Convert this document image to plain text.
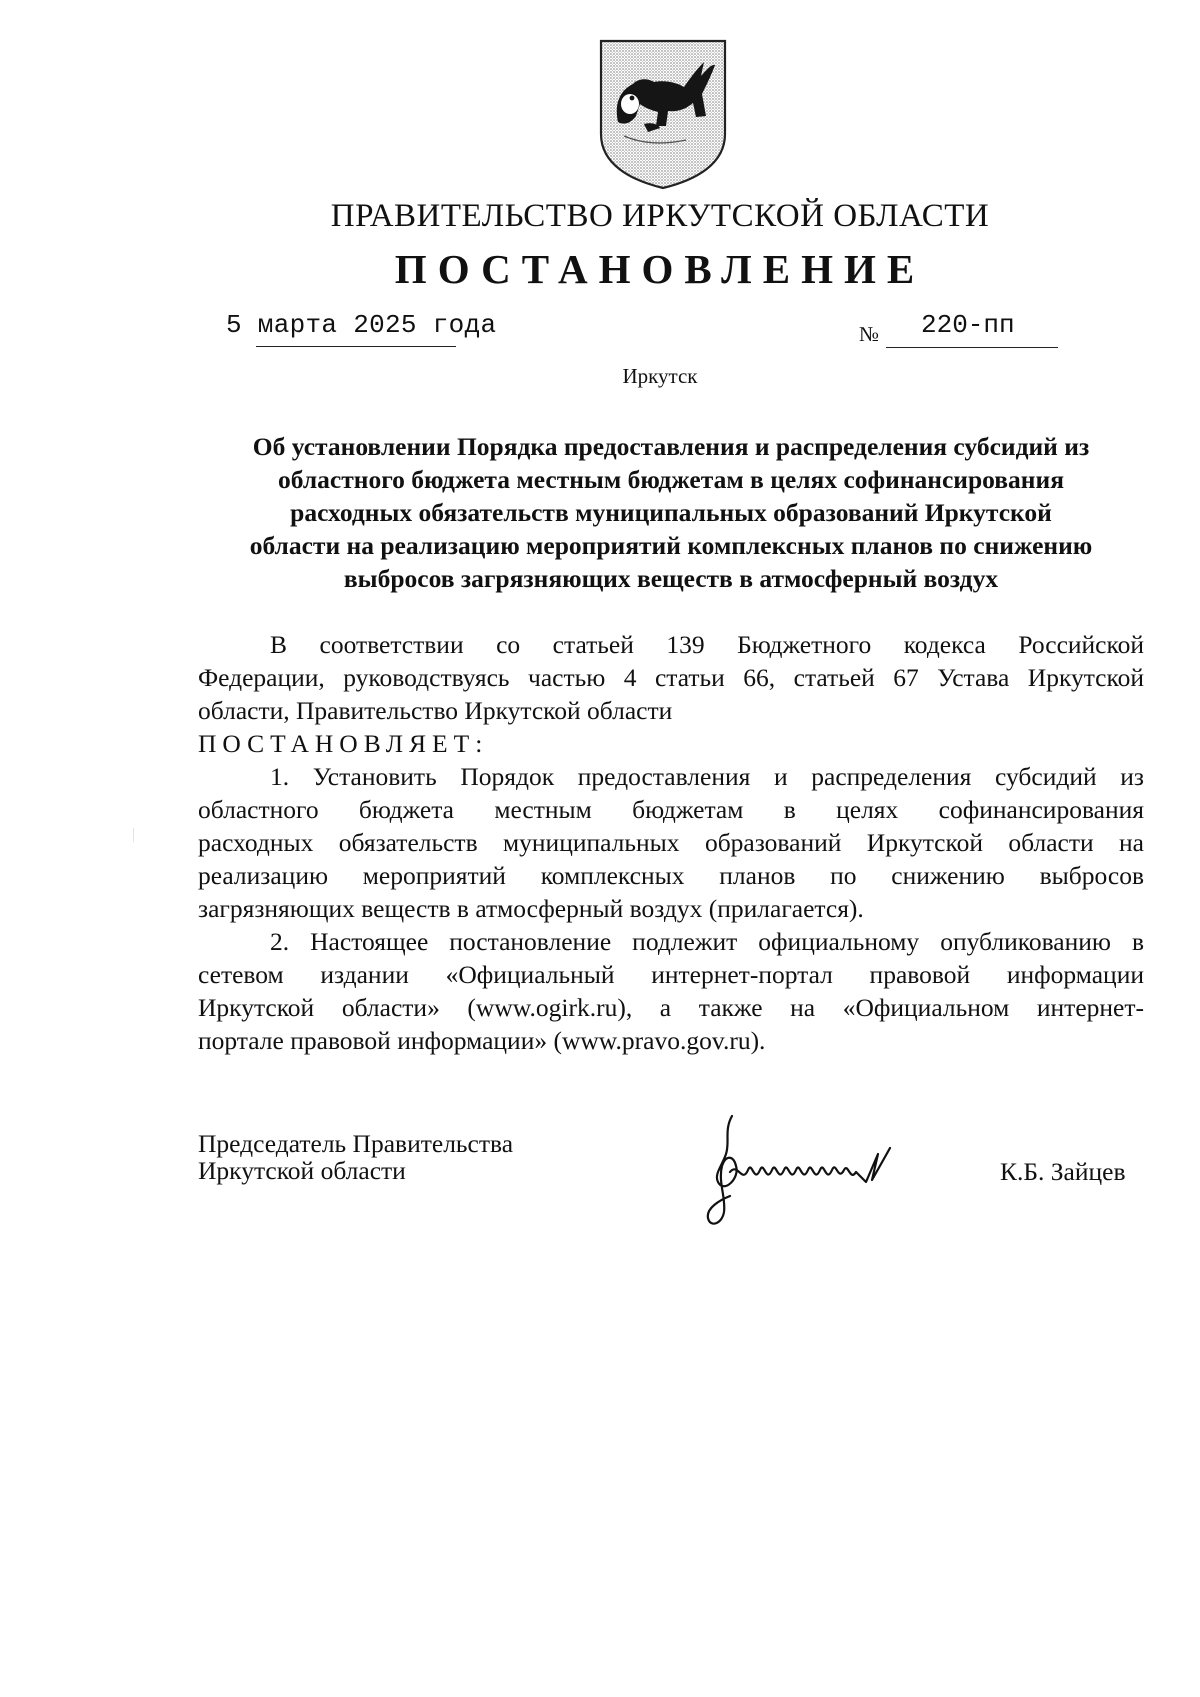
ПРАВИТЕЛЬСТВО ИРКУТСКОЙ ОБЛАСТИ
ПОСТАНОВЛЕНИЕ
5 марта 2025 года	№ 220-пп
Иркутск
Об установлении Порядка предоставления и распределения субсидий из
областного бюджета местным бюджетам в целях софинансирования
расходных обязательств муниципальных образований Иркутской
области на реализацию мероприятий комплексных планов по снижению
выбросов загрязняющих веществ в атмосферный воздух
В соответствии со статьей 139 Бюджетного кодекса Российской
Федерации, руководствуясь частью 4 статьи 66, статьей 67 Устава Иркутской
области, Правительство Иркутской области
ПОСТАНОВЛЯЕТ:
1. Установить Порядок предоставления и распределения субсидий из
областного бюджета местным бюджетам в целях софинансирования
расходных обязательств муниципальных образований Иркутской области на
реализацию мероприятий комплексных планов по снижению выбросов
загрязняющих веществ в атмосферный воздух (прилагается).
2. Настоящее постановление подлежит официальному опубликованию в
сетевом издании «Официальный интернет-портал правовой информации
Иркутской области» (www.ogirk.ru), а также на «Официальном интернет-
портале правовой информации» (www.pravo.gov.ru).
Председатель Правительства
Иркутской области	К.Б. Зайцев
